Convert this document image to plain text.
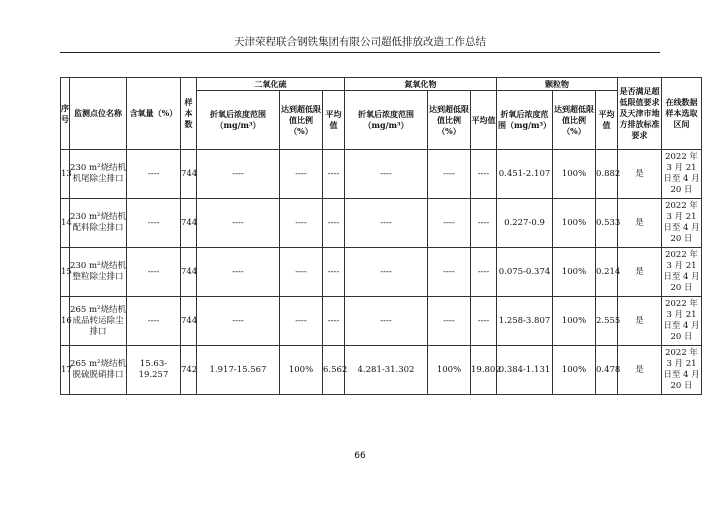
天津荣程联合钢铁集团有限公司超低排放改造工作总结
序号	监测点位名称	含氧量（%）	样本数	二氧化硫			氮氧化物			颗粒物			是否满足超低限值要求及天津市地方排放标准要求	在线数据样本选取区间
				折氧后浓度范围（mg/m³）	达到超低限值比例（%）	平均值	折氧后浓度范围（mg/m³）	达到超低限值比例（%）	平均值	折氧后浓度范围（mg/m³）	达到超低限值比例（%）	平均值		
13	230 m²烧结机机尾除尘排口	----	744	----	----	----	----	----	----	0.451-2.107	100%	0.882	是	2022 年 3 月 21 日至 4 月 20 日
14	230 m²烧结机配料除尘排口	----	744	----	----	----	----	----	----	0.227-0.9	100%	0.533	是	2022 年 3 月 21 日至 4 月 20 日
15	230 m²烧结机整粒除尘排口	----	744	----	----	----	----	----	----	0.075-0.374	100%	0.214	是	2022 年 3 月 21 日至 4 月 20 日
16	265 m²烧结机成品转运除尘排口	----	744	----	----	----	----	----	----	1.258-3.807	100%	2.555	是	2022 年 3 月 21 日至 4 月 20 日
17	265 m²烧结机脱硫脱硝排口	15.63-19.257	742	1.917-15.567	100%	6.562	4.281-31.302	100%	19.802	0.384-1.131	100%	0.478	是	2022 年 3 月 21 日至 4 月 20 日
66
